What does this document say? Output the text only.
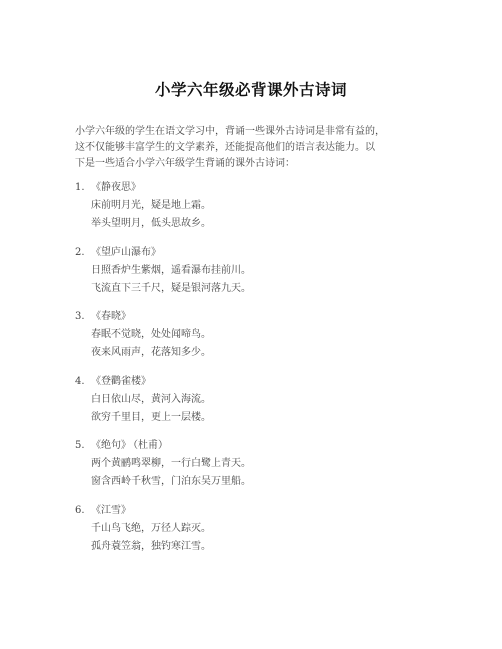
小学六年级必背课外古诗词

小学六年级的学生在语文学习中，背诵一些课外古诗词是非常有益的，

这不仅能够丰富学生的文学素养，还能提高他们的语言表达能力。以

下是一些适合小学六年级学生背诵的课外古诗词：

1. 《静夜思》
床前明月光，疑是地上霜。
举头望明月，低头思故乡。
2. 《望庐山瀑布》
日照香炉生紫烟，遥看瀑布挂前川。
飞流直下三千尺，疑是银河落九天。
3. 《春晓》
春眠不觉晓，处处闻啼鸟。
夜来风雨声，花落知多少。
4. 《登鹳雀楼》
白日依山尽，黄河入海流。
欲穷千里目，更上一层楼。
5. 《绝句》 （杜甫）
两个黄鹂鸣翠柳，一行白鹭上青天。
窗含西岭千秋雪，门泊东吴万里船。
6. 《江雪》
千山鸟飞绝，万径人踪灭。
孤舟蓑笠翁，独钓寒江雪。
